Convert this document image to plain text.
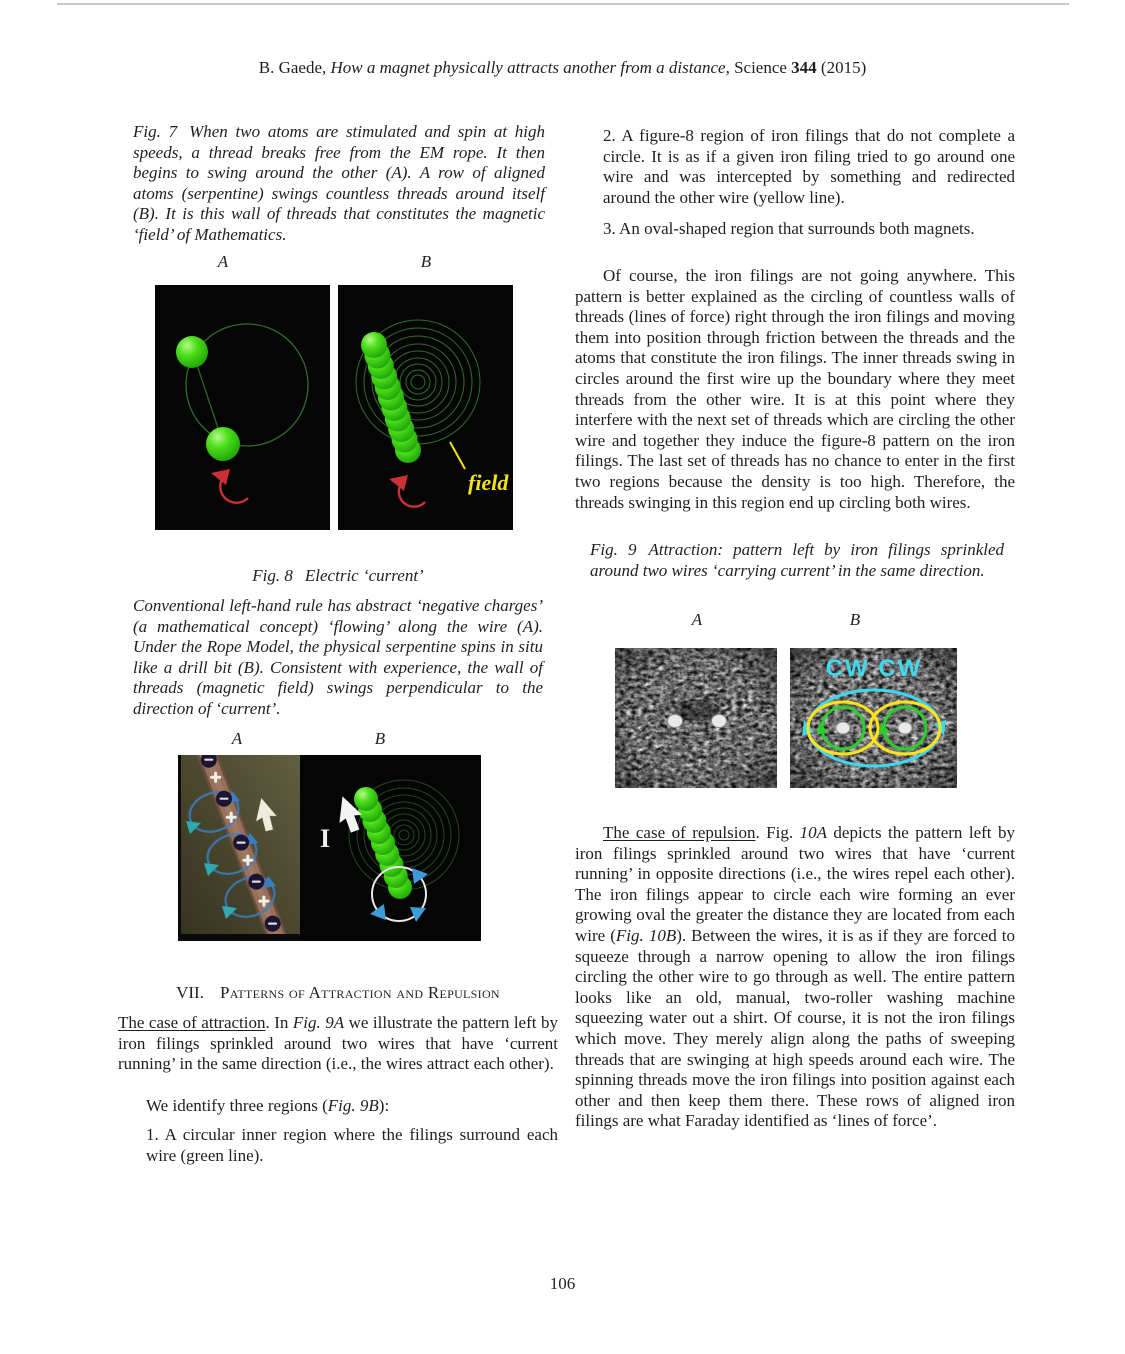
B. Gaede, How a magnet physically attracts another from a distance, Science 344 (2015)
Fig. 7 When two atoms are stimulated and spin at high speeds, a thread breaks free from the EM rope. It then begins to swing around the other (A). A row of aligned atoms (serpentine) swings countless threads around itself (B). It is this wall of threads that constitutes the magnetic ‘field’ of Mathematics.
A	B
field
Fig. 8 Electric ‘current’
Conventional left-hand rule has abstract ‘negative charges’ (a mathematical concept) ‘flowing’ along the wire (A). Under the Rope Model, the physical serpentine spins in situ like a drill bit (B). Consistent with experience, the wall of threads (magnetic field) swings perpendicular to the direction of ‘current’.
A	B
I
VII. Patterns of Attraction and Repulsion
The case of attraction. In Fig. 9A we illustrate the pattern left by iron filings sprinkled around two wires that have ‘current running’ in the same direction (i.e., the wires attract each other).
We identify three regions (Fig. 9B):
1. A circular inner region where the filings surround each wire (green line).
2. A figure-8 region of iron filings that do not complete a circle. It is as if a given iron filing tried to go around one wire and was intercepted by something and redirected around the other wire (yellow line).
3. An oval-shaped region that surrounds both magnets.
Of course, the iron filings are not going anywhere. This pattern is better explained as the circling of countless walls of threads (lines of force) right through the iron filings and moving them into position through friction between the threads and the atoms that constitute the iron filings. The inner threads swing in circles around the first wire up the boundary where they meet threads from the other wire. It is at this point where they interfere with the next set of threads which are circling the other wire and together they induce the figure-8 pattern on the iron filings. The last set of threads has no chance to enter in the first two regions because the density is too high. Therefore, the threads swinging in this region end up circling both wires.
Fig. 9 Attraction: pattern left by iron filings sprinkled around two wires ‘carrying current’ in the same direction.
A	B
CW CW
The case of repulsion. Fig. 10A depicts the pattern left by iron filings sprinkled around two wires that have ‘current running’ in opposite directions (i.e., the wires repel each other). The iron filings appear to circle each wire forming an ever growing oval the greater the distance they are located from each wire (Fig. 10B). Between the wires, it is as if they are forced to squeeze through a narrow opening to allow the iron filings circling the other wire to go through as well. The entire pattern looks like an old, manual, two-roller washing machine squeezing water out a shirt. Of course, it is not the iron filings which move. They merely align along the paths of sweeping threads that are swinging at high speeds around each wire. The spinning threads move the iron filings into position against each other and then keep them there. These rows of aligned iron filings are what Faraday identified as ‘lines of force’.
106
